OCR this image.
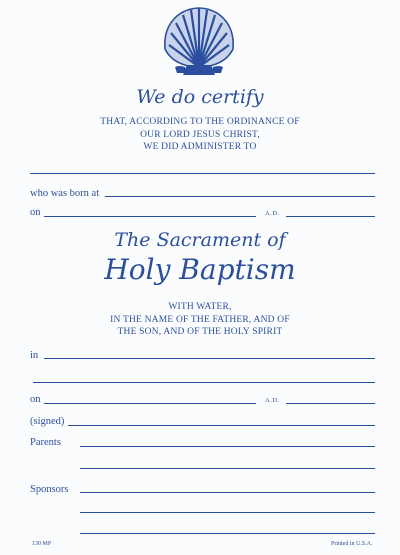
We do certify
THAT, ACCORDING TO THE ORDINANCE OF
OUR LORD JESUS CHRIST,
WE DID ADMINISTER TO
who was born at
on	A.D.
The Sacrament of
Holy Baptism
WITH WATER,
IN THE NAME OF THE FATHER, AND OF
THE SON, AND OF THE HOLY SPIRIT
in
on	A.D.
(signed)
Parents
Sponsors
130 MP	Printed in U.S.A.
